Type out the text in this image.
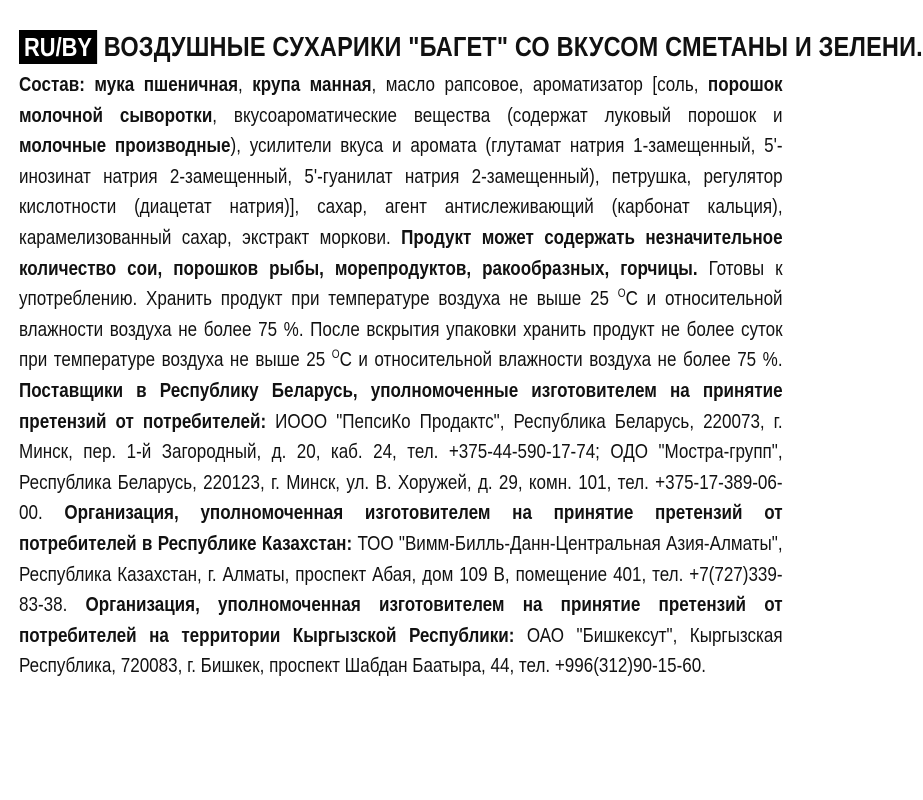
RU/BY ВОЗДУШНЫЕ СУХАРИКИ "БАГЕТ" СО ВКУСОМ СМЕТАНЫ И ЗЕЛЕНИ.
Состав: мука пшеничная, крупа манная, масло рапсовое, ароматизатор [соль, порошок молочной сыворотки, вкусоароматические вещества (содержат луковый порошок и молочные производные), усилители вкуса и аромата (глутамат натрия 1-замещенный, 5'-инозинат натрия 2-замещенный, 5'-гуанилат натрия 2-замещенный), петрушка, регулятор кислотности (диацетат натрия)], сахар, агент антислеживающий (карбонат кальция), карамелизованный сахар, экстракт моркови. Продукт может содержать незначительное количество сои, порошков рыбы, морепродуктов, ракообразных, горчицы. Готовы к употреблению. Хранить продукт при температуре воздуха не выше 25 $^О$С и относительной влажности воздуха не более 75 %. После вскрытия упаковки хранить продукт не более суток при температуре воздуха не выше 25 $^О$С и относительной влажности воздуха не более 75 %. Поставщики в Республику Беларусь, уполномоченные изготовителем на принятие претензий от потребителей: ИООО "ПепсиКо Продактс", Республика Беларусь, 220073, г. Минск, пер. 1-й Загородный, д. 20, каб. 24, тел. +375-44-590-17-74; ОДО "Мостра-групп", Республика Беларусь, 220123, г. Минск, ул. В. Хоружей, д. 29, комн. 101, тел. +375-17-389-06-00. Организация, уполномоченная изготовителем на принятие претензий от потребителей в Республике Казахстан: ТОО "Вимм-Билль-Данн-Центральная Азия-Алматы", Республика Казахстан, г. Алматы, проспект Абая, дом 109 В, помещение 401, тел. +7(727)339-83-38. Организация, уполномоченная изготовителем на принятие претензий от потребителей на территории Кыргызской Республики: ОАО "Бишкексут", Кыргызская Республика, 720083, г. Бишкек, проспект Шабдан Баатыра, 44, тел. +996(312)90-15-60.
